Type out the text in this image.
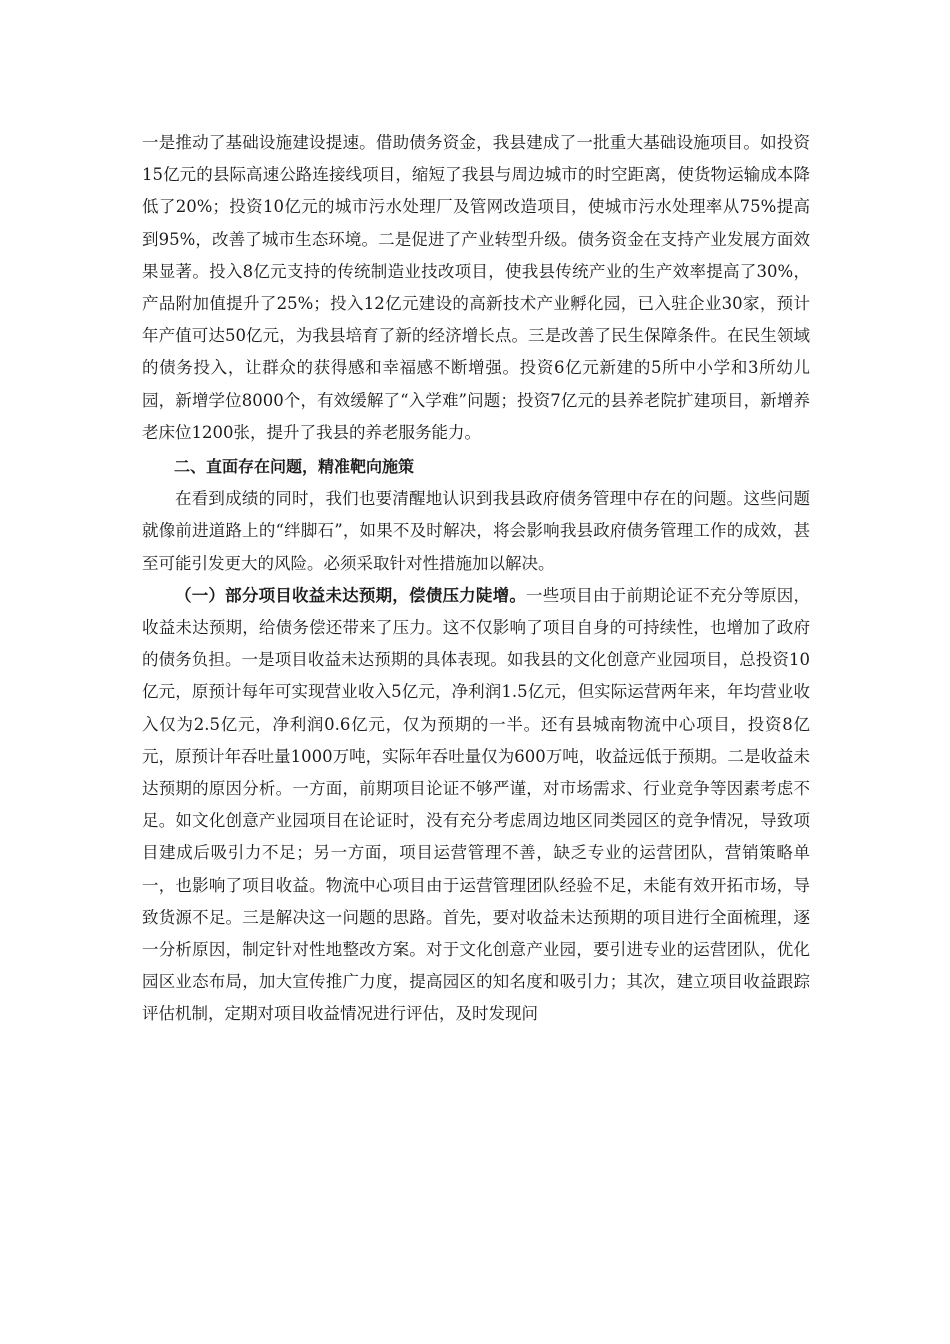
一是推动了基础设施建设提速。借助债务资金，我县建成了一批重大基础设施项目。如投资15亿元的县际高速公路连接线项目，缩短了我县与周边城市的时空距离，使货物运输成本降低了20%；投资10亿元的城市污水处理厂及管网改造项目，使城市污水处理率从75%提高到95%，改善了城市生态环境。二是促进了产业转型升级。债务资金在支持产业发展方面效果显著。投入8亿元支持的传统制造业技改项目，使我县传统产业的生产效率提高了30%，产品附加值提升了25%；投入12亿元建设的高新技术产业孵化园，已入驻企业30家，预计年产值可达50亿元，为我县培育了新的经济增长点。三是改善了民生保障条件。在民生领域的债务投入，让群众的获得感和幸福感不断增强。投资6亿元新建的5所中小学和3所幼儿园，新增学位8000个，有效缓解了“入学难”问题；投资7亿元的县养老院扩建项目，新增养老床位1200张，提升了我县的养老服务能力。

二、直面存在问题，精准靶向施策

在看到成绩的同时，我们也要清醒地认识到我县政府债务管理中存在的问题。这些问题就像前进道路上的“绊脚石”，如果不及时解决，将会影响我县政府债务管理工作的成效，甚至可能引发更大的风险。必须采取针对性措施加以解决。

（一）部分项目收益未达预期，偿债压力陡增。一些项目由于前期论证不充分等原因，收益未达预期，给债务偿还带来了压力。这不仅影响了项目自身的可持续性，也增加了政府的债务负担。一是项目收益未达预期的具体表现。如我县的文化创意产业园项目，总投资10亿元，原预计每年可实现营业收入5亿元，净利润1.5亿元，但实际运营两年来，年均营业收入仅为2.5亿元，净利润0.6亿元，仅为预期的一半。还有县城南物流中心项目，投资8亿元，原预计年吞吐量1000万吨，实际年吞吐量仅为600万吨，收益远低于预期。二是收益未达预期的原因分析。一方面，前期项目论证不够严谨，对市场需求、行业竞争等因素考虑不足。如文化创意产业园项目在论证时，没有充分考虑周边地区同类园区的竞争情况，导致项目建成后吸引力不足；另一方面，项目运营管理不善，缺乏专业的运营团队，营销策略单一，也影响了项目收益。物流中心项目由于运营管理团队经验不足，未能有效开拓市场，导致货源不足。三是解决这一问题的思路。首先，要对收益未达预期的项目进行全面梳理，逐一分析原因，制定针对性地整改方案。对于文化创意产业园，要引进专业的运营团队，优化园区业态布局，加大宣传推广力度，提高园区的知名度和吸引力；其次，建立项目收益跟踪评估机制，定期对项目收益情况进行评估，及时发现问
